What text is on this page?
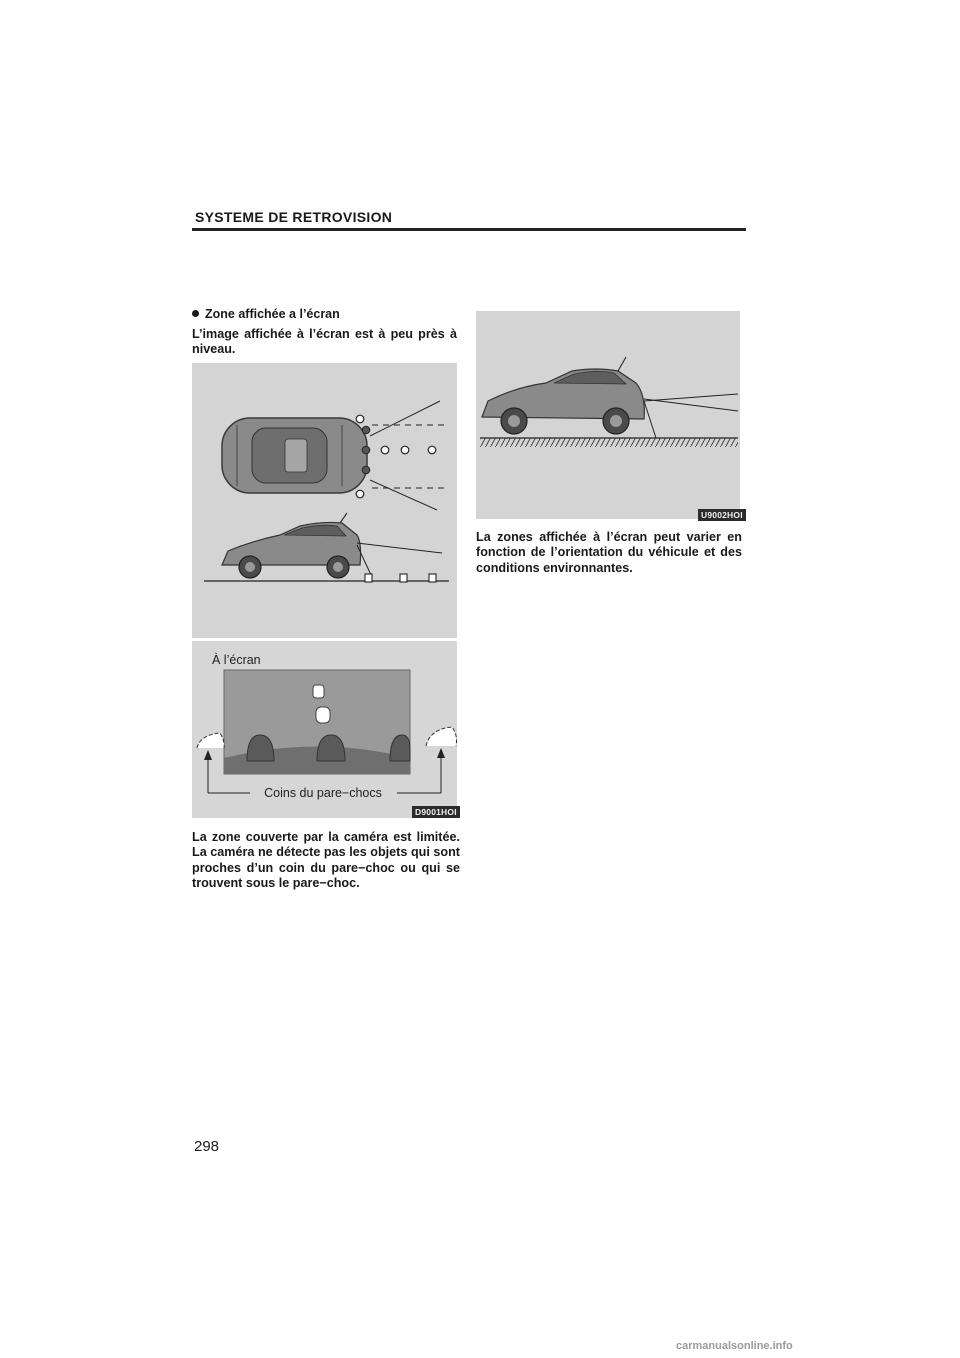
SYSTEME DE RETROVISION
Zone affichée a l’écran
L’image affichée à l’écran est à peu près à niveau.
À l’écran
Coins du pare−chocs
D9001HOI
La zone couverte par la caméra est limitée. La caméra ne détecte pas les objets qui sont proches d’un coin du pare−choc ou qui se trouvent sous le pare−choc.
U9002HOI
La zones affichée à l’écran peut varier en fonction de l’orientation du véhicule et des conditions environnantes.
298
carmanualsonline.info
